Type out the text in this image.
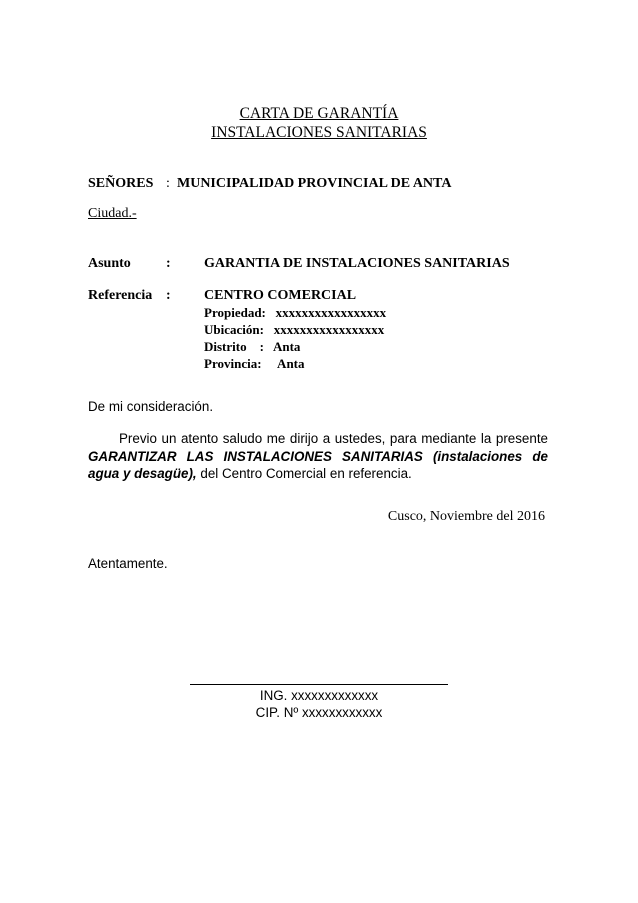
CARTA DE GARANTÍA
INSTALACIONES SANITARIAS
SEÑORES : MUNICIPALIDAD PROVINCIAL DE ANTA
Ciudad.-
Asunto	: GARANTIA DE INSTALACIONES SANITARIAS
Referencia : CENTRO COMERCIAL
Propiedad:   xxxxxxxxxxxxxxxxx
Ubicación:   xxxxxxxxxxxxxxxxx
Distrito    :   Anta
Provincia:     Anta
De mi consideración.
Previo un atento saludo me dirijo a ustedes, para mediante la presente GARANTIZAR LAS INSTALACIONES SANITARIAS (instalaciones de agua y desagüe), del Centro Comercial en referencia.
Cusco, Noviembre del 2016
Atentamente.
ING. xxxxxxxxxxxxx
CIP. Nº xxxxxxxxxxxx
